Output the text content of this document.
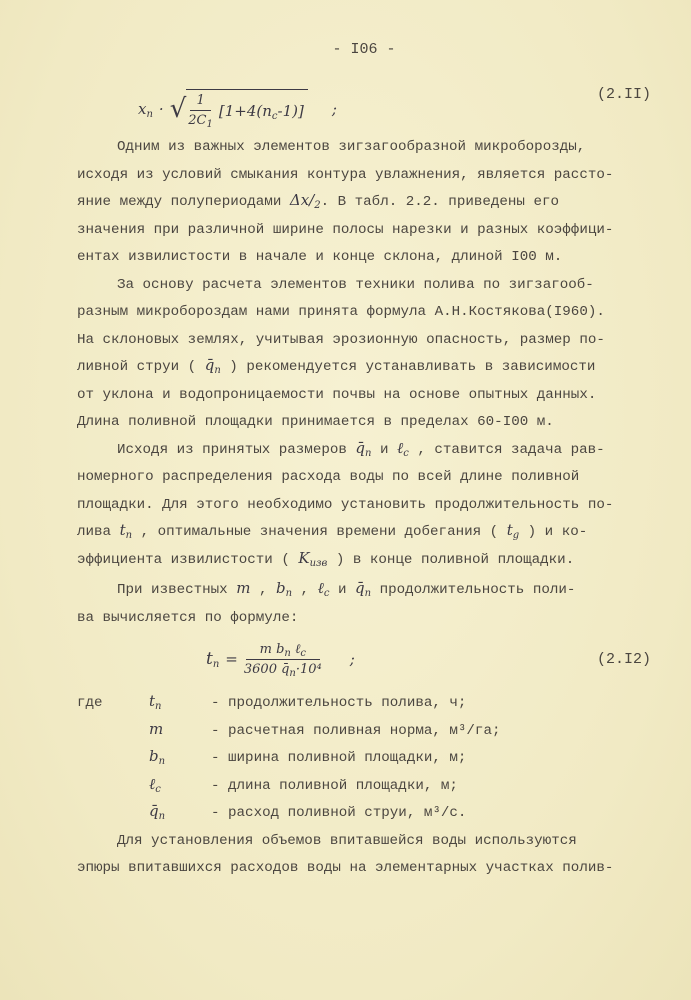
- I06 -
$x_п$ · √ $\frac{1}{2C_1} [1+4(n_с-1)]$ ;
(2.II)
Одним из важных элементов зигзагообразной микроборозды,
исходя из условий смыкания контура увлажнения, является рассто-
яние между полупериодами $\Delta x/_2$. В табл. 2.2. приведены его
значения при различной ширине полосы нарезки и разных коэффици-
ентах извилистости в начале и конце склона, длиной I00 м.
За основу расчета элементов техники полива по зигзагооб-
разным микробороздам нами принята формула А.Н.Костякова(I960).
На склоновых землях, учитывая эрозионную опасность, размер по-
ливной струи ( $q̄_п$ ) рекомендуется устанавливать в зависимости
от уклона и водопроницаемости почвы на основе опытных данных.
Длина поливной площадки принимается в пределах 60-I00 м.
Исходя из принятых размеров $q̄_п$ и ℓ$_с$ , ставится задача рав-
номерного распределения расхода воды по всей длине поливной
площадки. Для этого необходимо установить продолжительность по-
лива $t_п$ , оптимальные значения времени добегания ( $t_g$ ) и ко-
эффициента извилистости ( $K_{изв}$ ) в конце поливной площадки.
При известных m , $b_п$ , ℓ$_с$ и $q̄_п$ продолжительность поли-
ва вычисляется по формуле:
$t_п = \frac{m b_п \ell_с}{3600 q̄_п\cdot 10^4}$ ;	(2.I2)
где	$t_п$	- продолжительность полива, ч;
m	- расчетная поливная норма, м³/га;
$b_п$	- ширина поливной площадки, м;
ℓ$_с$	- длина поливной площадки, м;
$q̄_п$	- расход поливной струи, м³/с.
Для установления объемов впитавшейся воды используются
эпюры впитавшихся расходов воды на элементарных участках полив-
